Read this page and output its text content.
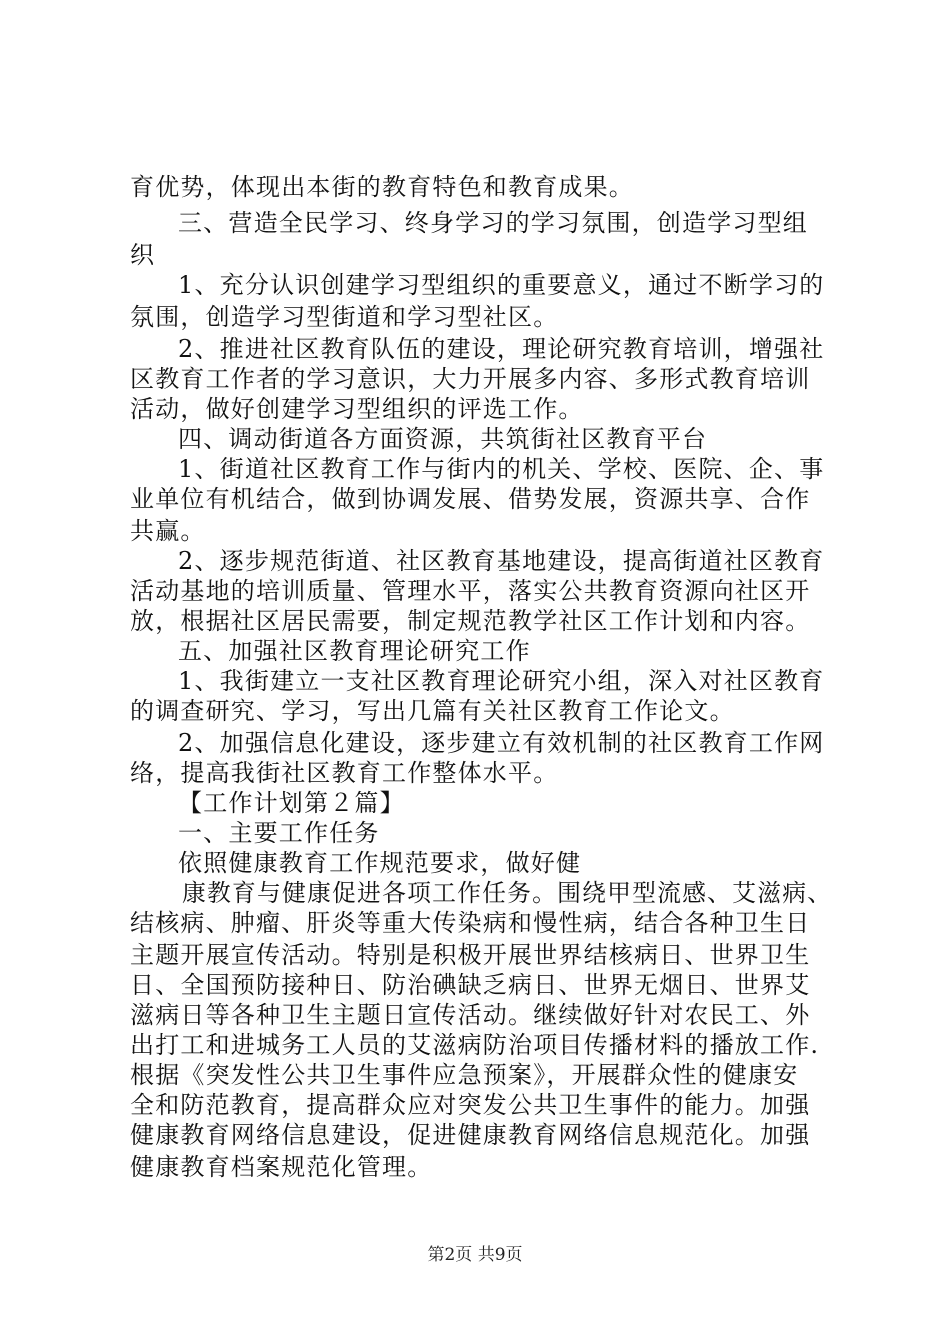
育优势，体现出本街的教育特色和教育成果。
三、营造全民学习、终身学习的学习氛围，创造学习型组
织
1、充分认识创建学习型组织的重要意义，通过不断学习的
氛围，创造学习型街道和学习型社区。
2、推进社区教育队伍的建设，理论研究教育培训，增强社
区教育工作者的学习意识，大力开展多内容、多形式教育培训
活动，做好创建学习型组织的评选工作。
四、调动街道各方面资源，共筑街社区教育平台
1、街道社区教育工作与街内的机关、学校、医院、企、事
业单位有机结合，做到协调发展、借势发展，资源共享、合作
共赢。
2、逐步规范街道、社区教育基地建设，提高街道社区教育
活动基地的培训质量、管理水平，落实公共教育资源向社区开
放，根据社区居民需要，制定规范教学社区工作计划和内容。
五、加强社区教育理论研究工作
1、我街建立一支社区教育理论研究小组，深入对社区教育
的调查研究、学习，写出几篇有关社区教育工作论文。
2、加强信息化建设，逐步建立有效机制的社区教育工作网
络，提高我街社区教育工作整体水平。
【工作计划第２篇】
一、主要工作任务
依照健康教育工作规范要求，做好健
康教育与健康促进各项工作任务。围绕甲型流感、艾滋病、
结核病、肿瘤、肝炎等重大传染病和慢性病，结合各种卫生日
主题开展宣传活动。特别是积极开展世界结核病日、世界卫生
日、全国预防接种日、防治碘缺乏病日、世界无烟日、世界艾
滋病日等各种卫生主题日宣传活动。继续做好针对农民工、外
出打工和进城务工人员的艾滋病防治项目传播材料的播放工作.
根据《突发性公共卫生事件应急预案》，开展群众性的健康安
全和防范教育，提高群众应对突发公共卫生事件的能力。加强
健康教育网络信息建设，促进健康教育网络信息规范化。加强
健康教育档案规范化管理。
第2页 共9页
